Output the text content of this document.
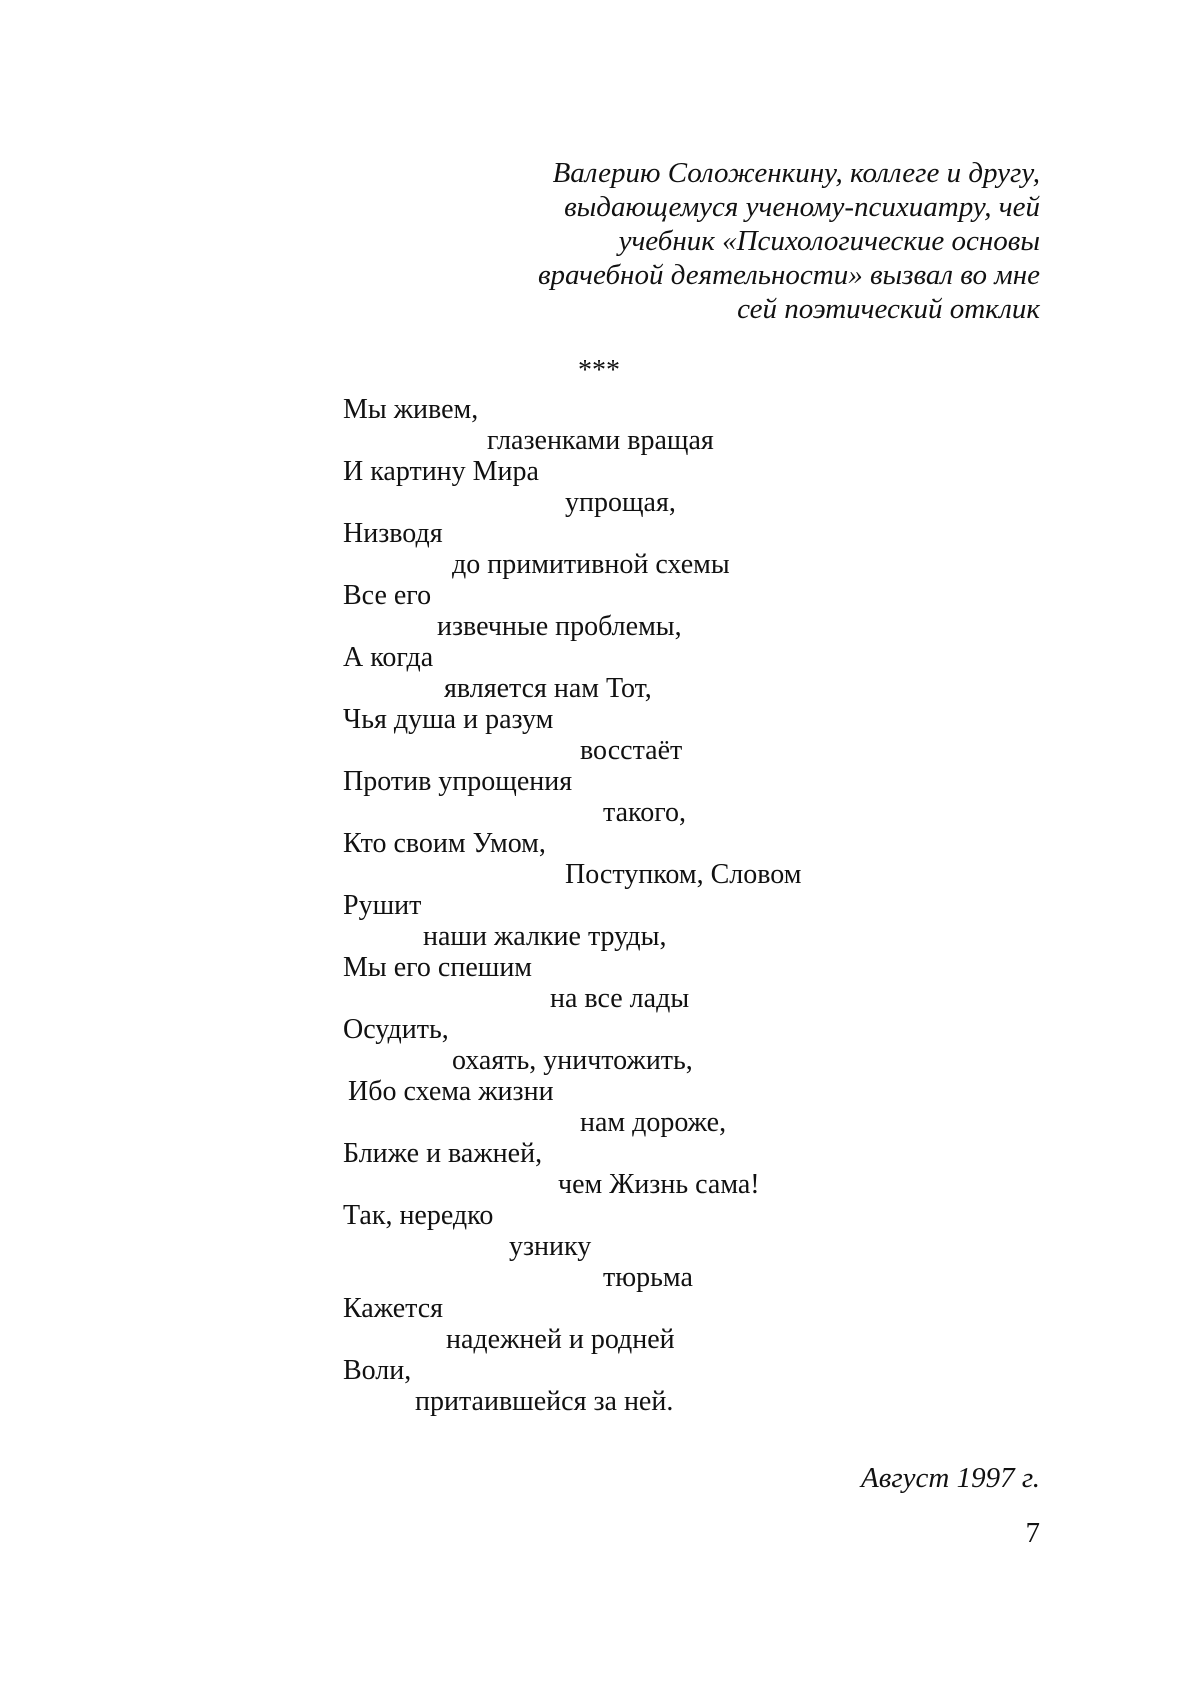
Валерию Соложенкину, коллеге и другу,
выдающемуся ученому-психиатру, чей
учебник «Психологические основы
врачебной деятельности» вызвал во мне
сей поэтический отклик
***
Мы живем,
глазенками вращая
И картину Мира
упрощая,
Низводя
до примитивной схемы
Все его
извечные проблемы,
А когда
является нам Тот,
Чья душа и разум
восстаёт
Против упрощения
такого,
Кто своим Умом,
Поступком, Словом
Рушит
наши жалкие труды,
Мы его спешим
на все лады
Осудить,
охаять, уничтожить,
Ибо схема жизни
нам дороже,
Ближе и важней,
чем Жизнь сама!
Так, нередко
узнику
тюрьма
Кажется
надежней и родней
Воли,
притаившейся за ней.
Август 1997 г.
7
